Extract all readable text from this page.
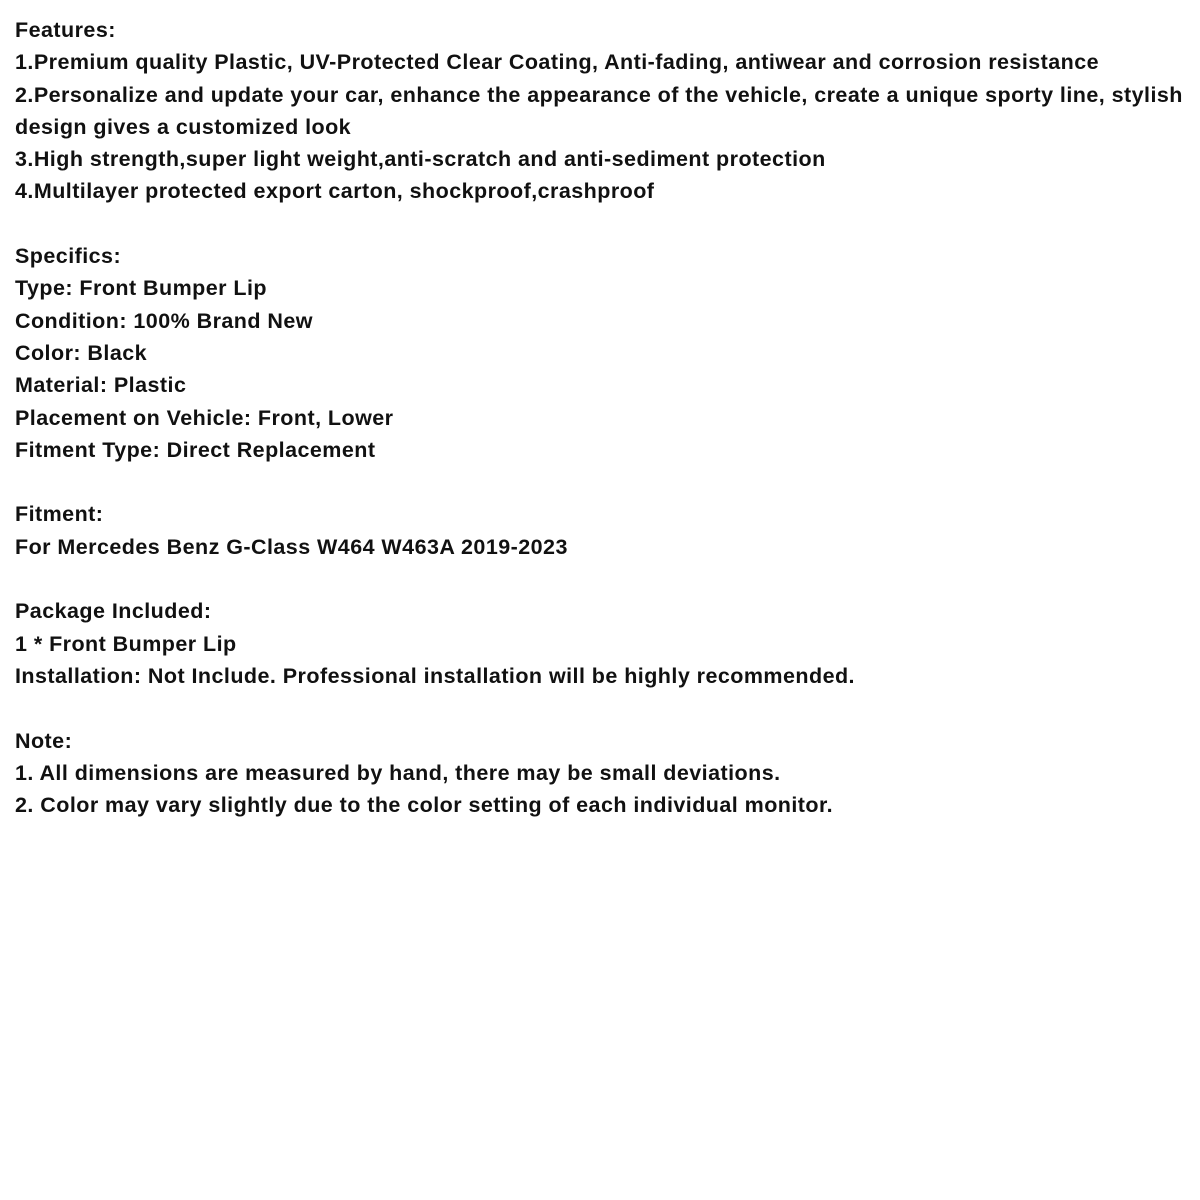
Features:
1.Premium quality Plastic, UV-Protected Clear Coating, Anti-fading, antiwear and corrosion resistance
2.Personalize and update your car, enhance the appearance of the vehicle, create a unique sporty line, stylish design gives a customized look
3.High strength,super light weight,anti-scratch and anti-sediment protection
4.Multilayer protected export carton, shockproof,crashproof
Specifics:
Type: Front Bumper Lip
Condition: 100% Brand New
Color: Black
Material: Plastic
Placement on Vehicle: Front, Lower
Fitment Type: Direct Replacement
Fitment:
For Mercedes Benz G-Class W464 W463A 2019-2023
Package Included:
1 * Front Bumper Lip
Installation: Not Include. Professional installation will be highly recommended.
Note:
1. All dimensions are measured by hand, there may be small deviations.
2. Color may vary slightly due to the color setting of each individual monitor.
